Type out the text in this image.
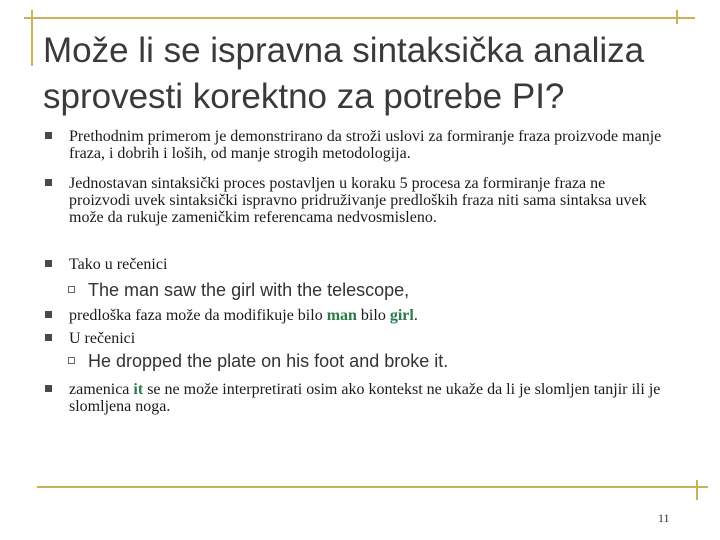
Može li se ispravna sintaksička analiza sprovesti korektno za potrebe PI?
Prethodnim primerom je demonstrirano da stroži uslovi za formiranje fraza proizvode manje fraza, i dobrih i loših, od manje strogih metodologija.
Jednostavan sintaksički proces postavljen u koraku 5 procesa za formiranje fraza ne proizvodi uvek sintaksički ispravno pridruživanje predloških fraza niti sama sintaksa uvek može da rukuje zameničkim referencama nedvosmisleno.
Tako u rečenici
The man saw the girl with the telescope,
predloška faza može da modifikuje bilo man bilo girl.
U rečenici
He dropped the plate on his foot and broke it.
zamenica it se ne može interpretirati osim ako kontekst ne ukaže da li je slomljen tanjir ili je slomljena noga.
11
